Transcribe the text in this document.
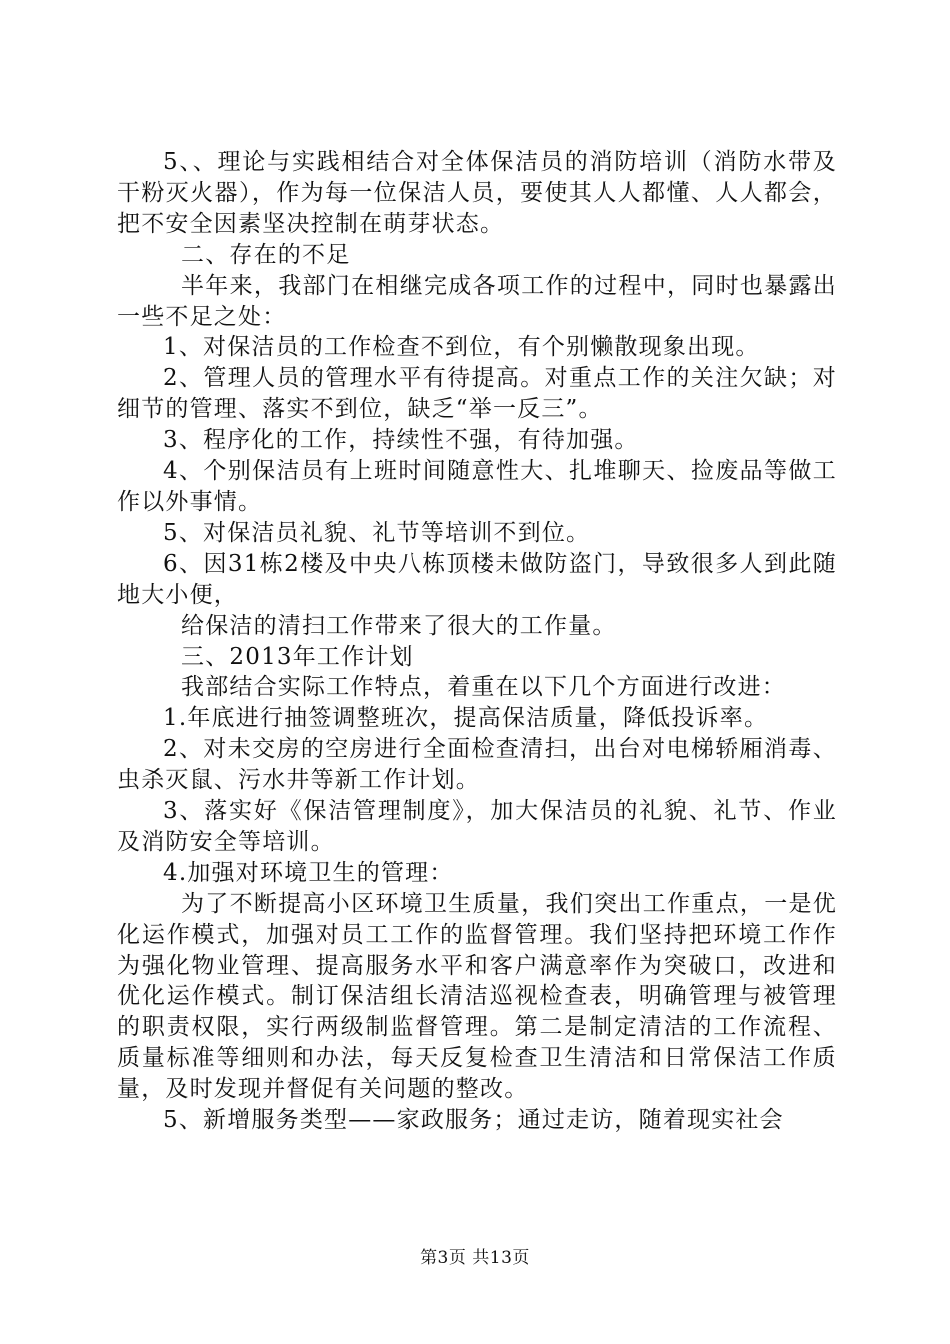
5、、理论与实践相结合对全体保洁员的消防培训（消防水带及干粉灭火器），作为每一位保洁人员，要使其人人都懂、人人都会，把不安全因素坚决控制在萌芽状态。

二、存在的不足

半年来，我部门在相继完成各项工作的过程中，同时也暴露出一些不足之处：

1、对保洁员的工作检查不到位，有个别懒散现象出现。

2、管理人员的管理水平有待提高。对重点工作的关注欠缺；对细节的管理、落实不到位，缺乏“举一反三”。

3、程序化的工作，持续性不强，有待加强。

4、个别保洁员有上班时间随意性大、扎堆聊天、捡废品等做工作以外事情。

5、对保洁员礼貌、礼节等培训不到位。

6、因31栋2楼及中央八栋顶楼未做防盗门，导致很多人到此随地大小便，

给保洁的清扫工作带来了很大的工作量。

三、2013年工作计划

我部结合实际工作特点，着重在以下几个方面进行改进：

1.年底进行抽签调整班次，提高保洁质量，降低投诉率。

2、对未交房的空房进行全面检查清扫，出台对电梯轿厢消毒、虫杀灭鼠、污水井等新工作计划。

3、落实好《保洁管理制度》，加大保洁员的礼貌、礼节、作业及消防安全等培训。

4.加强对环境卫生的管理：

为了不断提高小区环境卫生质量，我们突出工作重点，一是优化运作模式，加强对员工工作的监督管理。我们坚持把环境工作作为强化物业管理、提高服务水平和客户满意率作为突破口，改进和优化运作模式。制订保洁组长清洁巡视检查表，明确管理与被管理的职责权限，实行两级制监督管理。第二是制定清洁的工作流程、质量标准等细则和办法，每天反复检查卫生清洁和日常保洁工作质量，及时发现并督促有关问题的整改。

5、新增服务类型——家政服务；通过走访，随着现实社会

第3页 共13页
